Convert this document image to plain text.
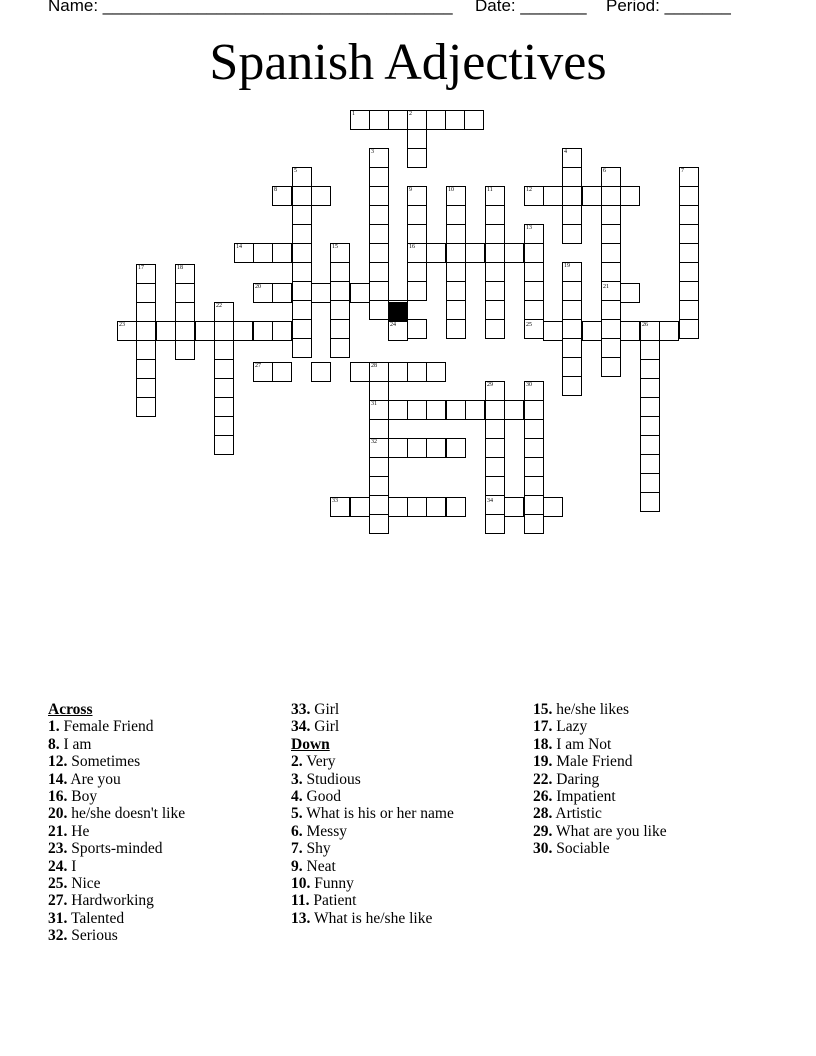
Name: _____________________________________ Date: _______ Period: _______
Spanish Adjectives
1	2
3	4
5	6	7
8	9	10	11	12
13
14	15	16
17	18	19
20	21
22
23	24	25	26
27	28
29	30
31
32
33	34
Across
1. Female Friend
8. I am
12. Sometimes
14. Are you
16. Boy
20. he/she doesn't like
21. He
23. Sports-minded
24. I
25. Nice
27. Hardworking
31. Talented
32. Serious
33. Girl
34. Girl
Down
2. Very
3. Studious
4. Good
5. What is his or her name
6. Messy
7. Shy
9. Neat
10. Funny
11. Patient
13. What is he/she like
15. he/she likes
17. Lazy
18. I am Not
19. Male Friend
22. Daring
26. Impatient
28. Artistic
29. What are you like
30. Sociable
